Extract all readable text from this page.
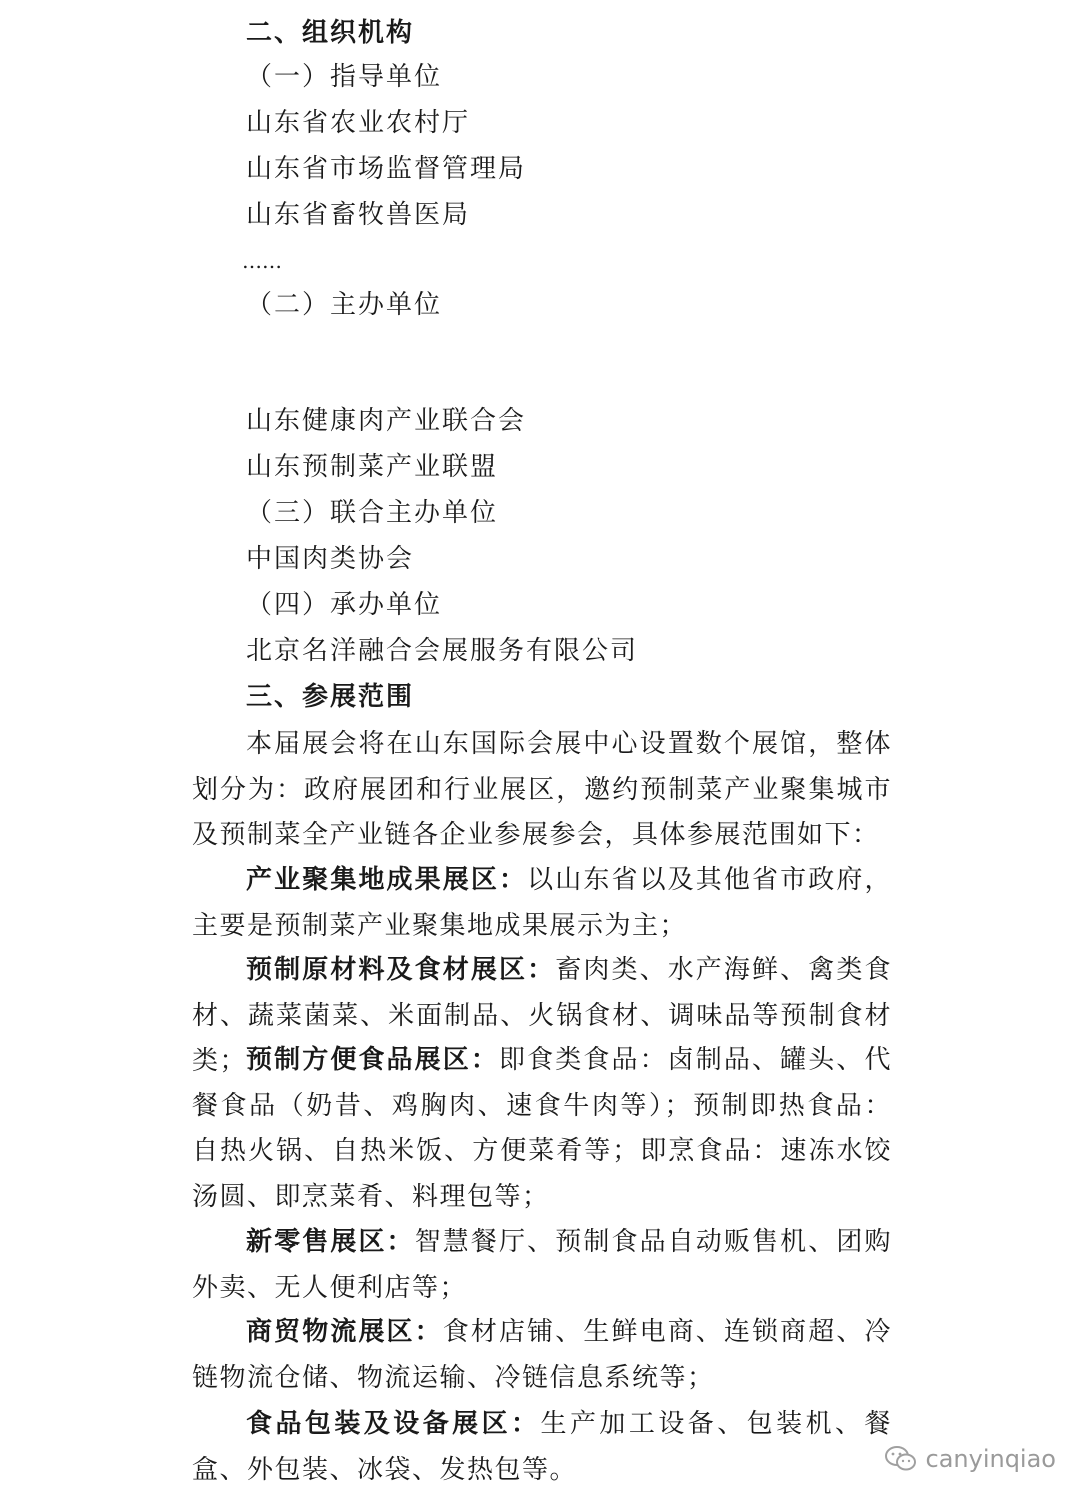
二、组织机构
（一）指导单位
山东省农业农村厅
山东省市场监督管理局
山东省畜牧兽医局
……
（二）主办单位
山东健康肉产业联合会
山东预制菜产业联盟
（三）联合主办单位
中国肉类协会
（四）承办单位
北京名洋融合会展服务有限公司
三、参展范围
本届展会将在山东国际会展中心设置数个展馆，整体划分为：政府展团和行业展区，邀约预制菜产业聚集城市及预制菜全产业链各企业参展参会，具体参展范围如下：
产业聚集地成果展区：以山东省以及其他省市政府，主要是预制菜产业聚集地成果展示为主；
预制原材料及食材展区：畜肉类、水产海鲜、禽类食材、蔬菜菌菜、米面制品、火锅食材、调味品等预制食材类；
预制方便食品展区：即食类食品：卤制品、罐头、代餐食品（奶昔、鸡胸肉、速食牛肉等）；预制即热食品：自热火锅、自热米饭、方便菜肴等；即烹食品：速冻水饺 汤圆、即烹菜肴、料理包等；
新零售展区：智慧餐厅、预制食品自动贩售机、团购外卖、无人便利店等；
商贸物流展区：食材店铺、生鲜电商、连锁商超、冷链物流仓储、物流运输、冷链信息系统等；
食品包装及设备展区：生产加工设备、包装机、餐盒、外包装、冰袋、发热包等。	canyinqiao
